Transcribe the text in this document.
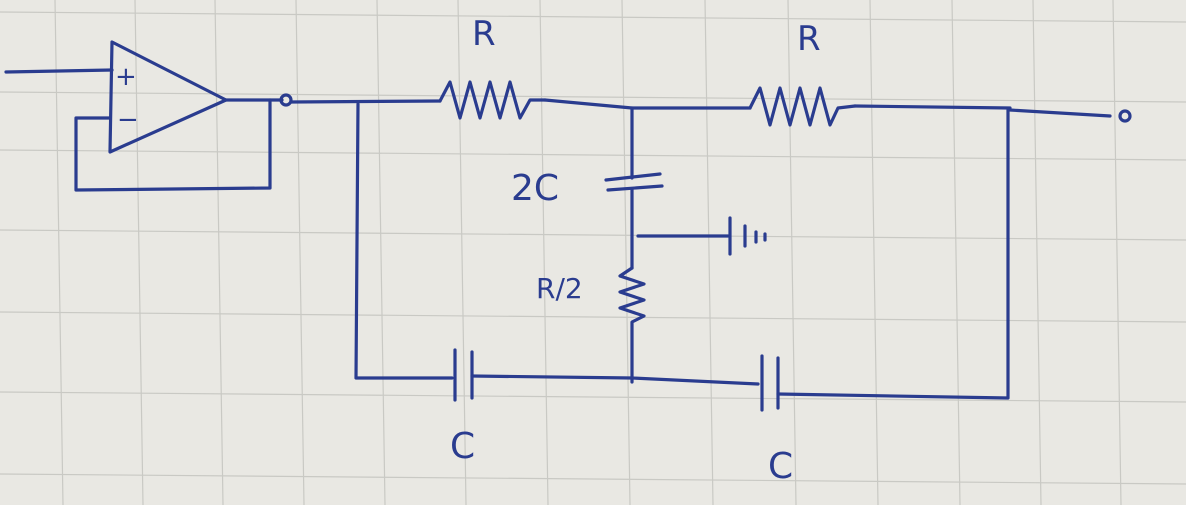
+
−
R	R
2C
R/2
C	C
